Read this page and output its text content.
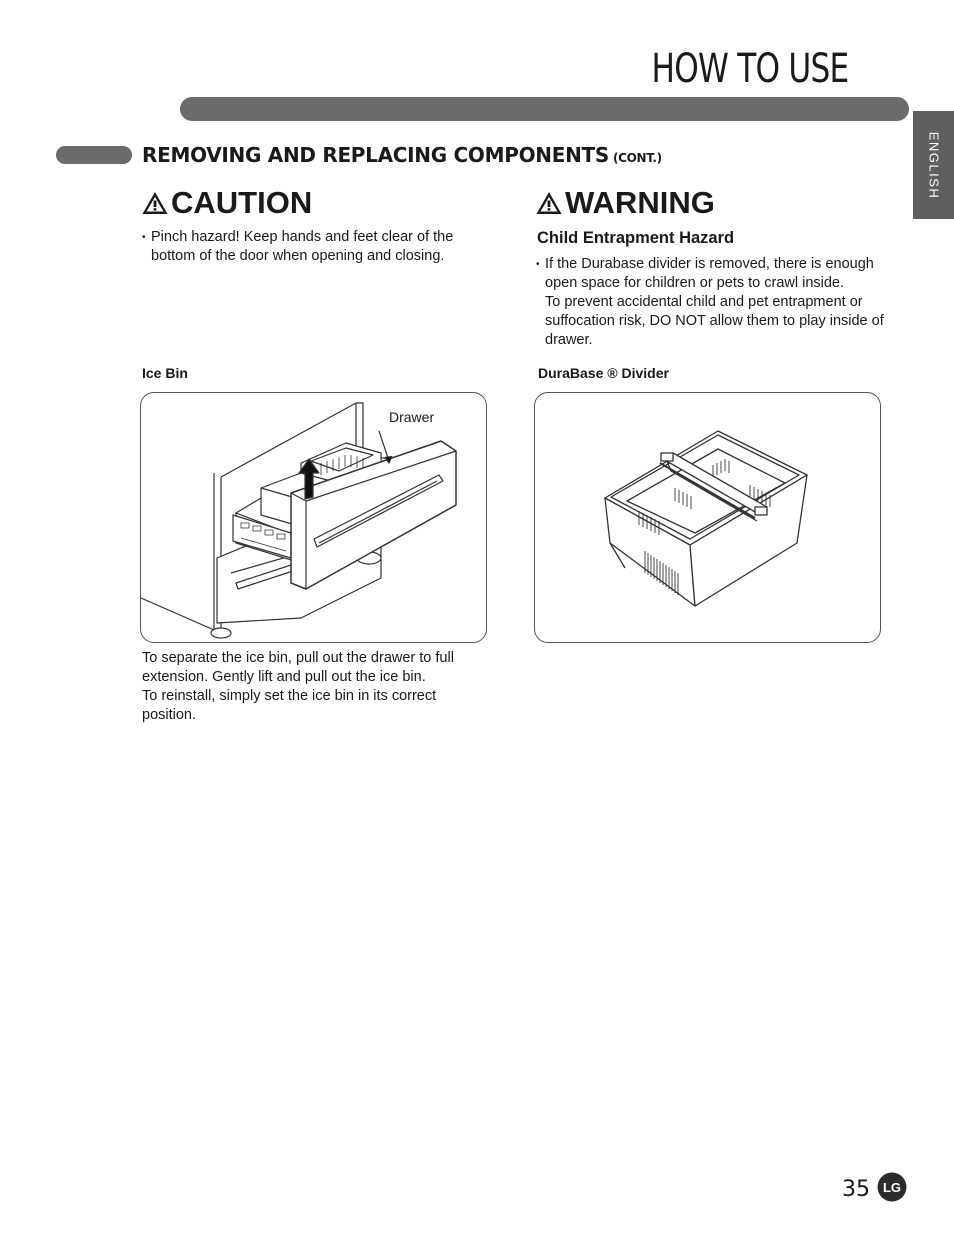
HOW TO USE
ENGLISH
REMOVING AND REPLACING COMPONENTS (CONT.)
CAUTION
• Pinch hazard! Keep hands and feet clear of the bottom of the door when opening and closing.
WARNING
Child Entrapment Hazard
• If the Durabase divider is removed, there is enough open space for children or pets to crawl inside.
To prevent accidental child and pet entrapment or suffocation risk, DO NOT allow them to play inside of drawer.
Ice Bin	DuraBase ® Divider
Drawer
To separate the ice bin, pull out the drawer to full extension. Gently lift and pull out the ice bin.
To reinstall, simply set the ice bin in its correct position.
35 LG
